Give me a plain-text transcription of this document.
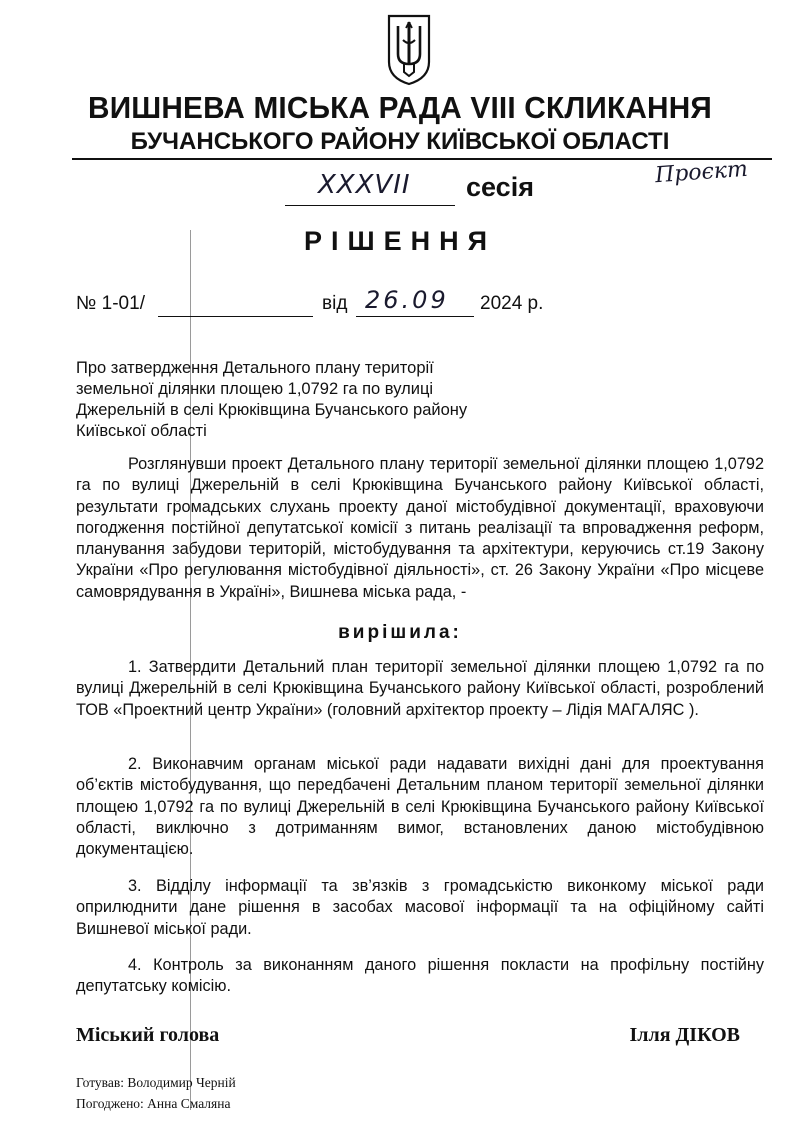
ВИШНЕВА МІСЬКА РАДА VIII СКЛИКАННЯ
БУЧАНСЬКОГО РАЙОНУ КИЇВСЬКОЇ ОБЛАСТІ
XXXVII сесія	Проєкт
РІШЕННЯ
№ 1-01/	від 26.09 2024 р.
Про затвердження Детального плану території
земельної ділянки площею 1,0792 га по вулиці
Джерельній в селі Крюківщина Бучанського району
Київської області
Розглянувши проект Детального плану території земельної ділянки площею 1,0792 га по вулиці Джерельній в селі Крюківщина Бучанського району Київської області, результати громадських слухань проекту даної містобудівної документації, враховуючи погодження постійної депутатської комісії з питань реалізації та впровадження реформ, планування забудови територій, містобудування та архітектури, керуючись ст.19 Закону України «Про регулювання містобудівної діяльності», ст. 26 Закону України «Про місцеве самоврядування в Україні», Вишнева міська рада, -
вирішила:
1. Затвердити Детальний план території земельної ділянки площею 1,0792 га по вулиці Джерельній в селі Крюківщина Бучанського району Київської області, розроблений ТОВ «Проектний центр України» (головний архітектор проекту – Лідія МАГАЛЯС ).
2. Виконавчим органам міської ради надавати вихідні дані для проектування об’єктів містобудування, що передбачені Детальним планом території земельної ділянки площею 1,0792 га по вулиці Джерельній в селі Крюківщина Бучанського району Київської області, виключно з дотриманням вимог, встановлених даною містобудівною документацією.
3. Відділу інформації та зв’язків з громадськістю виконкому міської ради оприлюднити дане рішення в засобах масової інформації та на офіційному сайті Вишневої міської ради.
4. Контроль за виконанням даного рішення покласти на профільну постійну депутатську комісію.
Міський голова	Ілля ДІКОВ
Готував: Володимир Черній
Погоджено: Анна Смаляна
